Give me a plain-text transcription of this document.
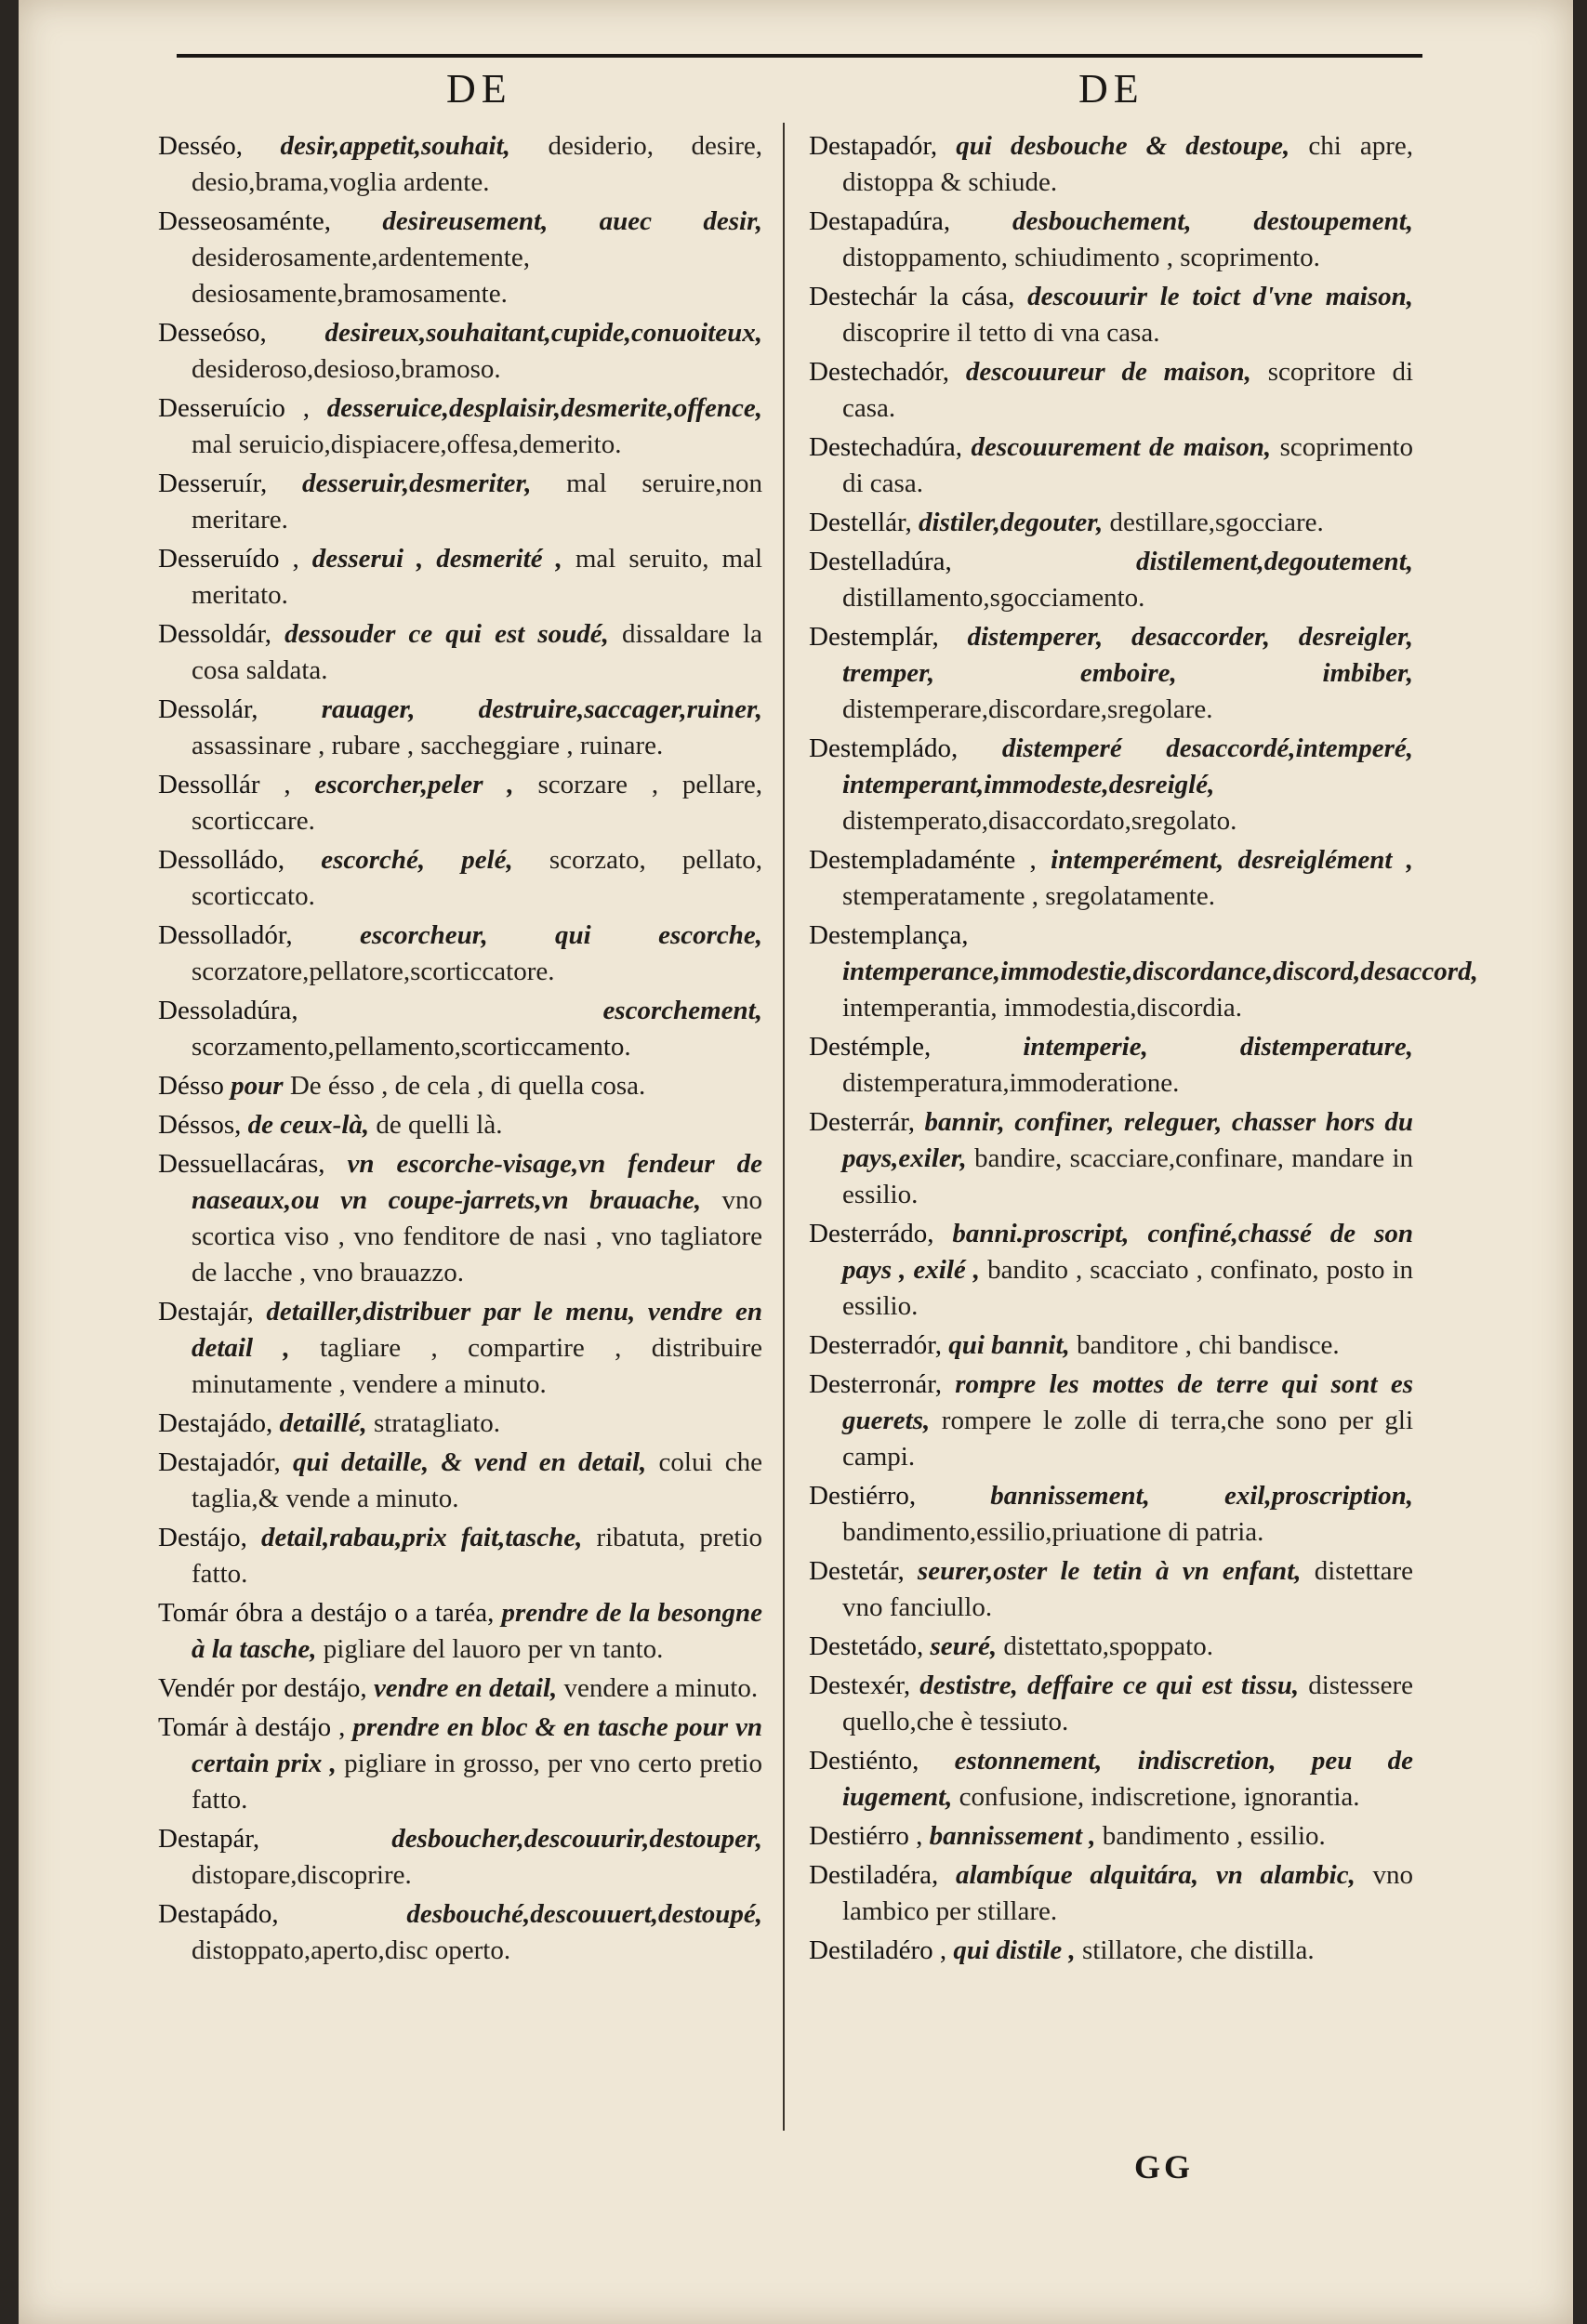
DE	DE

Desséo, desir,appetit,souhait, desiderio, desire, desio,brama,voglia ardente.

Desseosaménte, desireusement, auec desir, desiderosamente,ardentemente, desiosamente,bramosamente.

Desseóso, desireux,souhaitant,cupide,conuoiteux, desideroso,desioso,bramoso.

Desseruício , desseruice,desplaisir,desmerite,offence, mal seruicio,dispiacere,offesa,demerito.

Desseruír, desseruir,desmeriter, mal seruire,non meritare.

Desseruído , desserui , desmerité , mal seruito, mal meritato.

Dessoldár, dessouder ce qui est soudé, dissaldare la cosa saldata.

Dessolár, rauager, destruire,saccager,ruiner, assassinare , rubare , saccheggiare , ruinare.

Dessollár , escorcher,peler , scorzare , pellare, scorticcare.

Dessolládo, escorché, pelé, scorzato, pellato, scorticcato.

Dessolladór, escorcheur, qui escorche, scorzatore,pellatore,scorticcatore.

Dessoladúra,	escorchement, scorzamento,pellamento,scorticcamento.

Désso pour De ésso , de cela , di quella cosa.

Déssos, de ceux-là, de quelli là.

Dessuellacáras, vn escorche-visage,vn fendeur de naseaux,ou vn coupe-jarrets,vn brauache, vno scortica viso , vno fenditore de nasi , vno tagliatore de lacche , vno brauazzo.

Destajár, detailler,distribuer par le menu, vendre en detail , tagliare , compartire , distribuire minutamente , vendere a minuto.

Destajádo, detaillé, stratagliato.

Destajadór, qui detaille, & vend en detail, colui che taglia,& vende a minuto.

Destájo, detail,rabau,prix fait,tasche, ribatuta, pretio fatto.

Tomár óbra a destájo o a taréa, prendre de la besongne à la tasche, pigliare del lauoro per vn tanto.

Vendér por destájo, vendre en detail, vendere a minuto.

Tomár à destájo , prendre en bloc & en tasche pour vn certain prix , pigliare in grosso, per vno certo pretio fatto.

Destapár,	desboucher,descouurir,destouper, distopare,discoprire.

Destapádo,	desbouché,descouuert,destoupé, distoppato,aperto,disc operto.

Destapadór, qui desbouche & destoupe, chi apre, distoppa & schiude.

Destapadúra, desbouchement, destoupement, distoppamento, schiudimento , scoprimento.

Destechár la cása, descouurir le toict d'vne maison, discoprire il tetto di vna casa.

Destechadór, descouureur de maison, scopritore di casa.

Destechadúra, descouurement de maison, scoprimento di casa.

Destellár, distiler,degouter, destillare,sgocciare.

Destelladúra,	distilement,degoutement, distillamento,sgocciamento.

Destemplár, distemperer, desaccorder, desreigler, tremper, emboire, imbiber, distemperare,discordare,sregolare.

Destempládo, distemperé desaccordé,intemperé, intemperant,immodeste,desreiglé, distemperato,disaccordato,sregolato.

Destempladaménte , intemperément, desreiglément , stemperatamente , sregolatamente.

Destemplança, intemperance,immodestie,discordance,discord,desaccord, intemperantia, immodestia,discordia.

Destémple,	intemperie, distemperature, distemperatura,immoderatione.

Desterrár, bannir, confiner, releguer, chasser hors du pays,exiler, bandire, scacciare,confinare, mandare in essilio.

Desterrádo, banni.proscript, confiné,chassé de son pays , exilé , bandito , scacciato , confinato, posto in essilio.

Desterradór, qui bannit, banditore , chi bandisce.

Desterronár, rompre les mottes de terre qui sont es guerets, rompere le zolle di terra,che sono per gli campi.

Destiérro,	bannissement, exil,proscription, bandimento,essilio,priuatione di patria.

Destetár, seurer,oster le tetin à vn enfant, distettare vno fanciullo.

Destetádo, seuré, distettato,spoppato.

Destexér, destistre, deffaire ce qui est tissu, distessere quello,che è tessiuto.

Destiénto, estonnement, indiscretion, peu de iugement, confusione, indiscretione, ignorantia.

Destiérro , bannissement , bandimento , essilio.

Destiladéra, alambíque alquitára, vn alambic, vno lambico per stillare.

Destiladéro , qui distile , stillatore, che distilla.

GG
